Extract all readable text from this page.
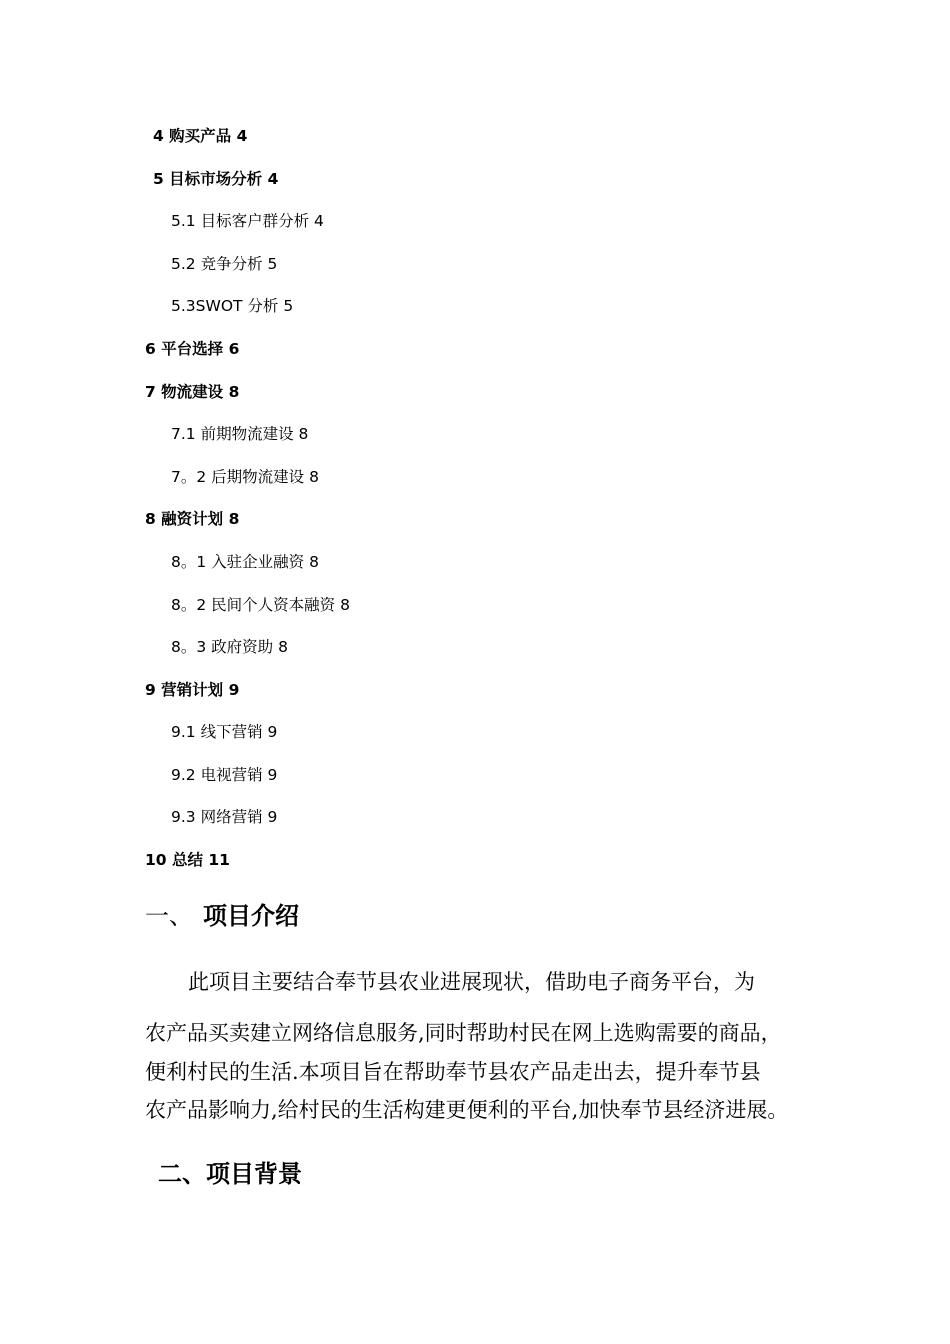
4 购买产品 4
5 目标市场分析 4
5.1 目标客户群分析 4
5.2 竞争分析 5
5.3SWOT 分析 5
6 平台选择 6
7 物流建设 8
7.1 前期物流建设 8
7。2 后期物流建设 8
8 融资计划 8
8。1 入驻企业融资 8
8。2 民间个人资本融资 8
8。3 政府资助 8
9 营销计划 9
9.1 线下营销 9
9.2 电视营销 9
9.3 网络营销 9
10 总结 11
一、 项目介绍
此项目主要结合奉节县农业进展现状，借助电子商务平台，为
农产品买卖建立网络信息服务,同时帮助村民在网上选购需要的商品，
便利村民的生活.本项目旨在帮助奉节县农产品走出去，提升奉节县
农产品影响力,给村民的生活构建更便利的平台,加快奉节县经济进展。
二、项目背景
